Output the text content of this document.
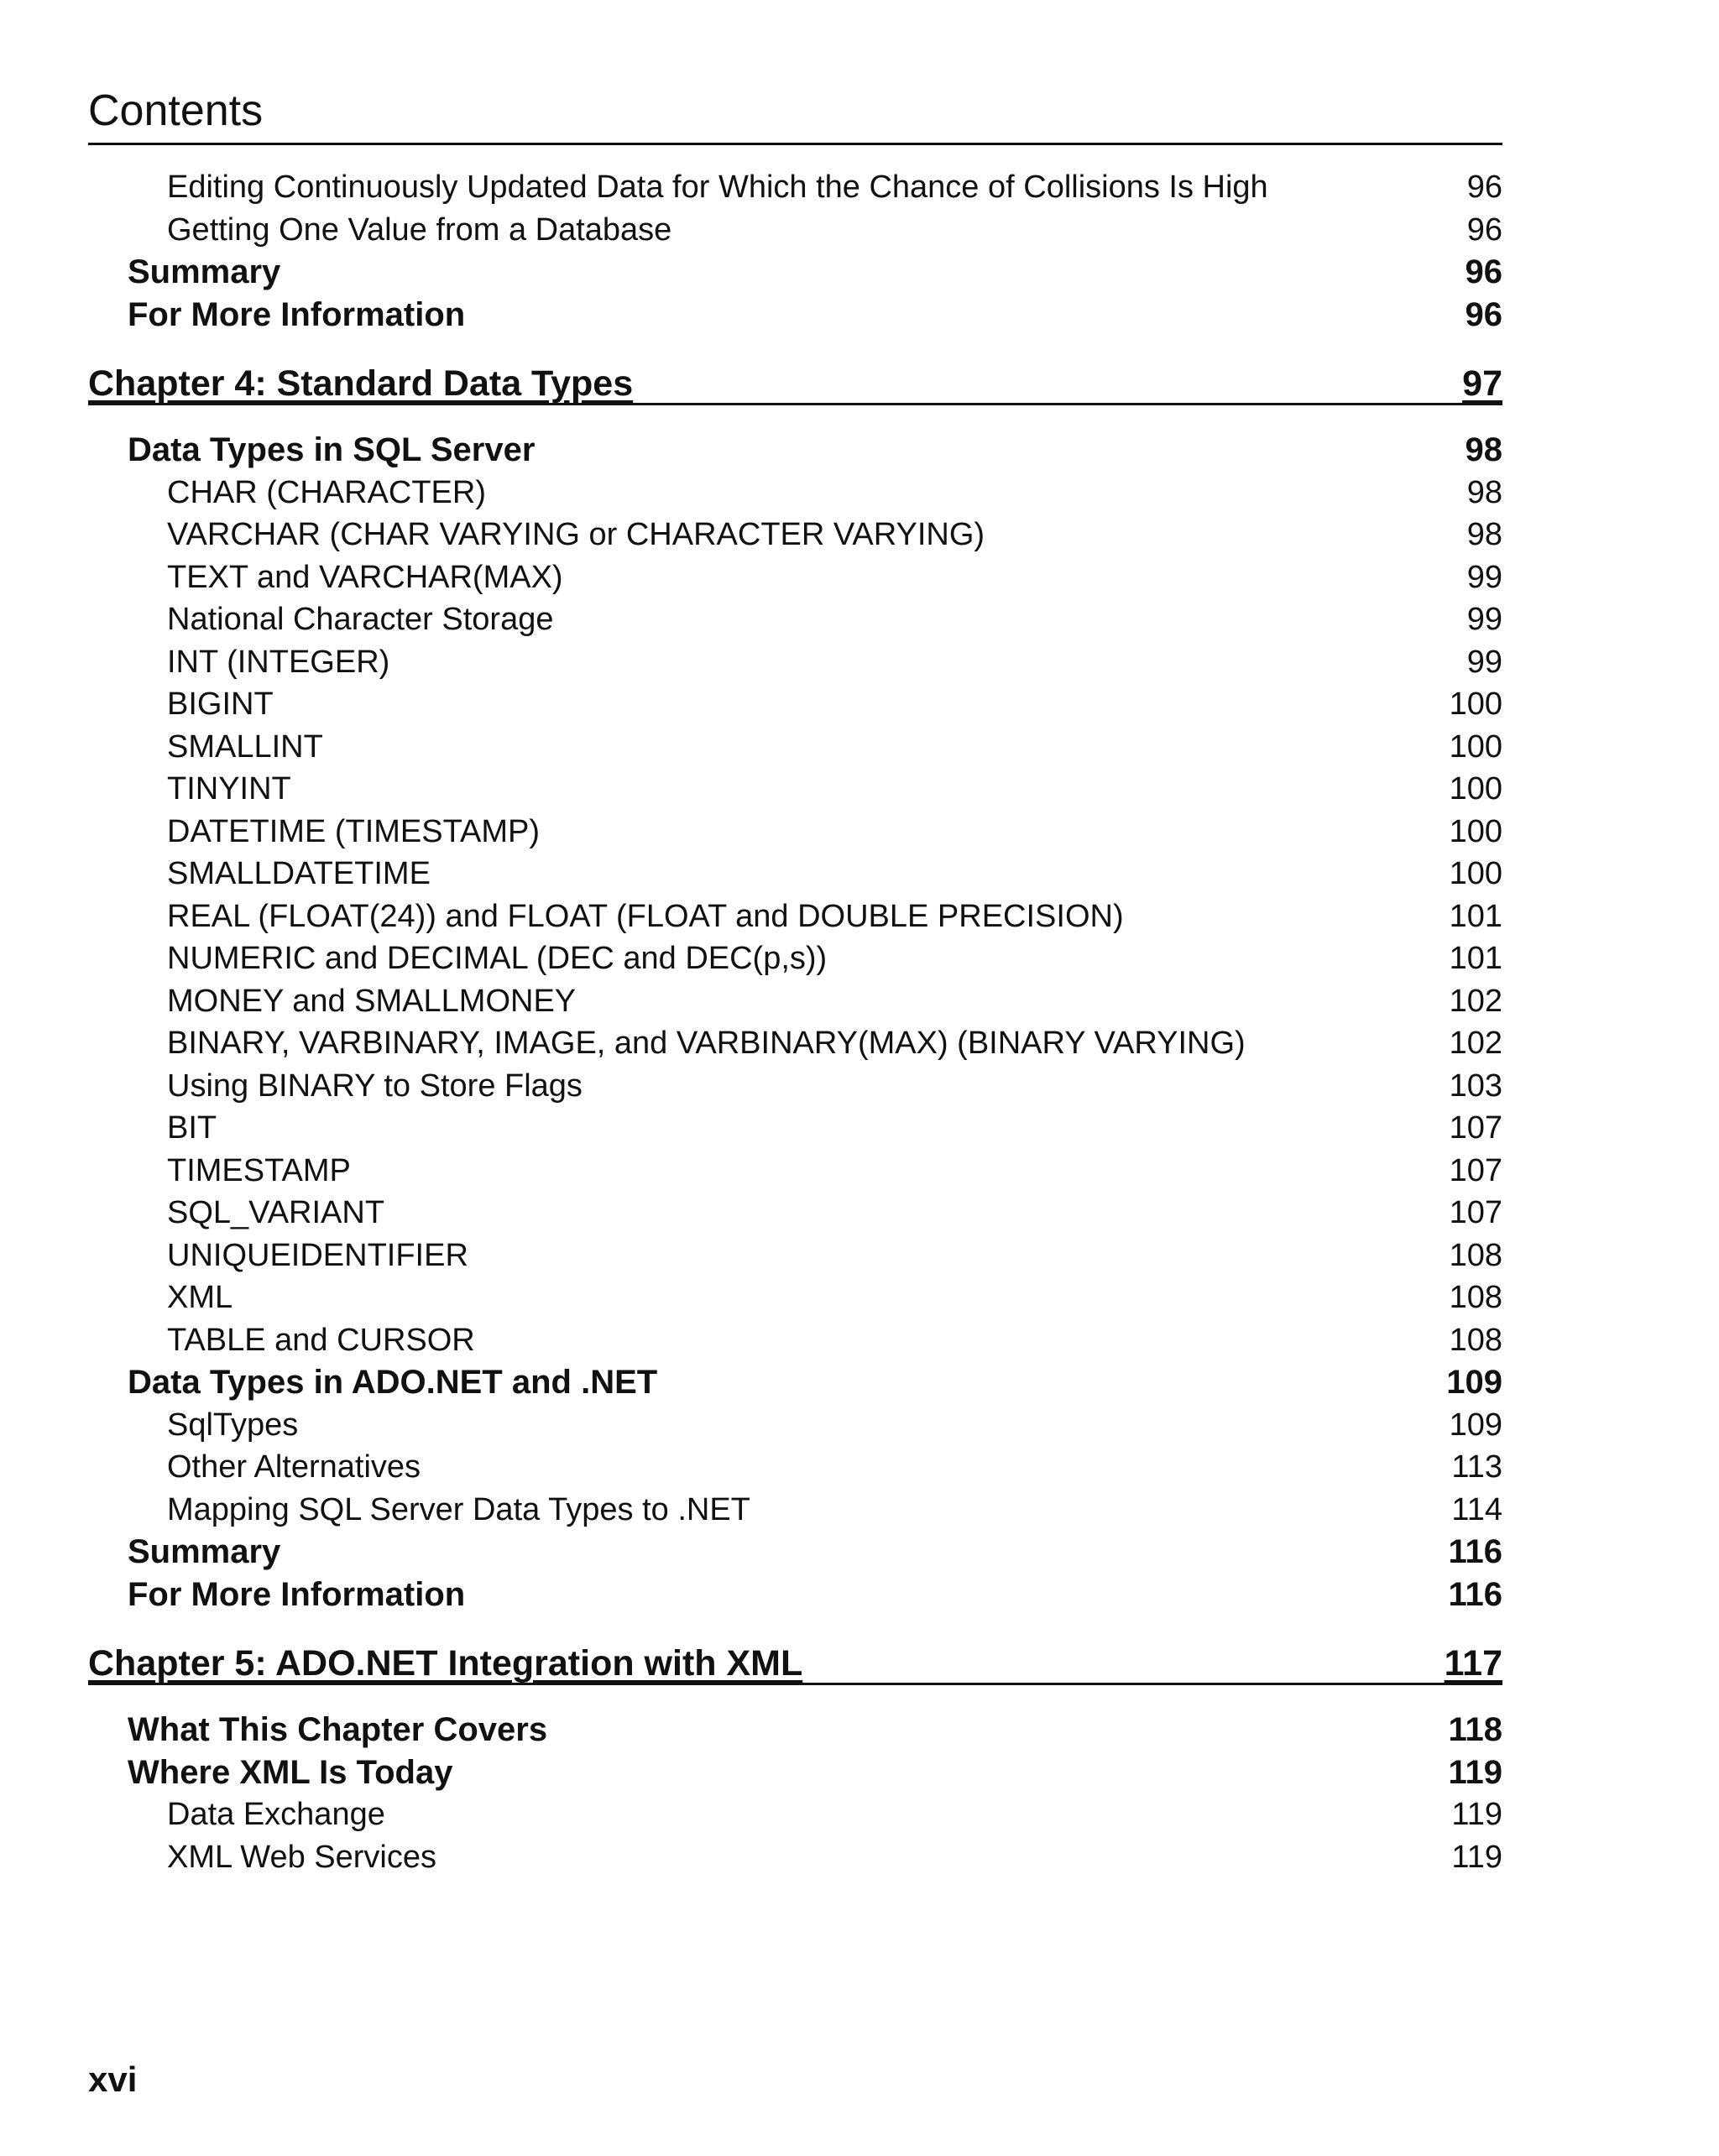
Contents
Editing Continuously Updated Data for Which the Chance of Collisions Is High	96
Getting One Value from a Database	96
Summary	96
For More Information	96
Chapter 4: Standard Data Types	97
Data Types in SQL Server	98
CHAR (CHARACTER)	98
VARCHAR (CHAR VARYING or CHARACTER VARYING)	98
TEXT and VARCHAR(MAX)	99
National Character Storage	99
INT (INTEGER)	99
BIGINT	100
SMALLINT	100
TINYINT	100
DATETIME (TIMESTAMP)	100
SMALLDATETIME	100
REAL (FLOAT(24)) and FLOAT (FLOAT and DOUBLE PRECISION)	101
NUMERIC and DECIMAL (DEC and DEC(p,s))	101
MONEY and SMALLMONEY	102
BINARY, VARBINARY, IMAGE, and VARBINARY(MAX) (BINARY VARYING)	102
Using BINARY to Store Flags	103
BIT	107
TIMESTAMP	107
SQL_VARIANT	107
UNIQUEIDENTIFIER	108
XML	108
TABLE and CURSOR	108
Data Types in ADO.NET and .NET	109
SqlTypes	109
Other Alternatives	113
Mapping SQL Server Data Types to .NET	114
Summary	116
For More Information	116
Chapter 5: ADO.NET Integration with XML	117
What This Chapter Covers	118
Where XML Is Today	119
Data Exchange	119
XML Web Services	119
xvi
